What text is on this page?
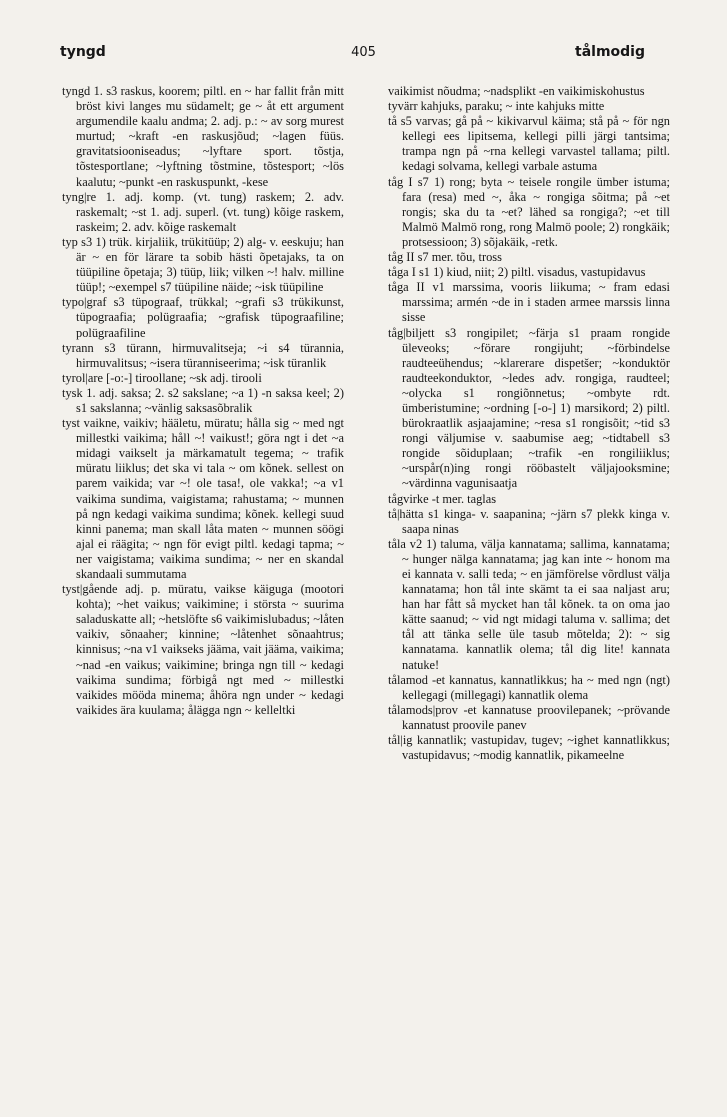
tyngd	405	tålmodig

tyngd 1. s3 raskus, koorem; piltl. en ~ har fallit från mitt bröst kivi langes mu südamelt; ge ~ åt ett argument argumendile kaalu andma; 2. adj. p.: ~ av sorg murest murtud; ~kraft -en raskusjõud; ~lagen füüs. gravitatsiooniseadus; ~lyftare sport. tõstja, tõstesportlane; ~lyftning tõstmine, tõstesport; ~lös kaalutu; ~punkt -en raskuspunkt, -kese

tyng|re 1. adj. komp. (vt. tung) raskem; 2. adv. raskemalt; ~st 1. adj. superl. (vt. tung) kõige raskem, raskeim; 2. adv. kõige raskemalt

typ s3 1) trük. kirjaliik, trükitüüp; 2) alg- v. eeskuju; han är ~ en för lärare ta sobib hästi õpetajaks, ta on tüüpiline õpetaja; 3) tüüp, liik; vilken ~! halv. milline tüüp!; ~exempel s7 tüüpiline näide; ~isk tüüpiline

typo|graf s3 tüpograaf, trükkal; ~grafi s3 trükikunst, tüpograafia; polügraafia; ~grafisk tüpograafiline; polügraafiline

tyrann s3 türann, hirmuvalitseja; ~i s4 türannia, hirmuvalitsus; ~isera türanniseerima; ~isk türanlik

tyrol|are [-o:-] tiroollane; ~sk adj. tirooli

tysk 1. adj. saksa; 2. s2 sakslane; ~a 1) -n saksa keel; 2) s1 sakslanna; ~vänlig saksasõbralik

tyst vaikne, vaikiv; hääletu, müratu; hålla sig ~ med ngt millestki vaikima; håll ~! vaikust!; göra ngt i det ~a midagi vaikselt ja märkamatult tegema; ~ trafik müratu liiklus; det ska vi tala ~ om kõnek. sellest on parem vaikida; var ~! ole tasa!, ole vakka!; ~a v1 vaikima sundima, vaigistama; rahustama; ~ munnen på ngn kedagi vaikima sundima; kõnek. kellegi suud kinni panema; man skall låta maten ~ munnen söögi ajal ei räägita; ~ ngn för evigt piltl. kedagi tapma; ~ ner vaigistama; vaikima sundima; ~ ner en skandal skandaali summutama

tyst|gående adj. p. müratu, vaikse käiguga (mootori kohta); ~het vaikus; vaikimine; i största ~ suurima saladuskatte all; ~hetslöfte s6 vaikimislubadus; ~låten vaikiv, sõnaaher; kinnine; ~låtenhet sõnaahtrus; kinnisus; ~na v1 vaikseks jääma, vait jääma, vaikima; ~nad -en vaikus; vaikimine; bringa ngn till ~ kedagi vaikima sundima; förbigå ngt med ~ millestki vaikides mööda minema; åhöra ngn under ~ kedagi vaikides ära kuulama; åläggа ngn ~ kelleltki

vaikimist nõudma; ~nadsplikt -en vaikimiskohustus

tyvärr kahjuks, paraku; ~ inte kahjuks mitte

tå s5 varvas; gå på ~ kikivarvul käima; stå på ~ för ngn kellegi ees lipitsema, kellegi pilli järgi tantsima; trampa ngn på ~rna kellegi varvastel tallama; piltl. kedagi solvama, kellegi varbale astuma

tåg I s7 1) rong; byta ~ teisele rongile ümber istuma; fara (resa) med ~, åka ~ rongiga sõitma; på ~et rongis; ska du ta ~et? lähed sa rongiga?; ~et till Malmö Malmö rong, rong Malmö poole; 2) rongkäik; protsessioon; 3) sõjakäik, -retk.

tåg II s7 mer. tõu, tross

tåga I s1 1) kiud, niit; 2) piltl. visadus, vastupidavus

tåga II v1 marssima, vooris liikuma; ~ fram edasi marssima; armén ~de in i staden armee marssis linna sisse

tåg|biljett s3 rongipilet; ~färja s1 praam rongide üleveoks; ~förare rongijuht; ~förbindelse raudteeühendus; ~klarerare dispetšer; ~konduktör raudteekonduktor, ~ledes adv. rongiga, raudteel; ~olycka s1 rongiõnnetus; ~ombyte rdt. ümberistumine; ~ordning [-o-] 1) marsikord; 2) piltl. bürokraatlik asjaajamine; ~resa s1 rongisõit; ~tid s3 rongi väljumise v. saabumise aeg; ~tidtabell s3 rongide sõiduplaan; ~trafik -en rongiliiklus; ~urspår(n)ing rongi rööbastelt väljajooksmine; ~värdinna vagunisaatja

tågvirke -t mer. taglas

tå|hätta s1 kinga- v. saapanina; ~järn s7 plekk kinga v. saapa ninas

tåla v2 1) taluma, välja kannatama; sallima, kannatama; ~ hunger nälga kannatama; jag kan inte ~ honom ma ei kannata v. salli teda; ~ en jämförelse võrdlust välja kannatama; hon tål inte skämt ta ei saa naljast aru; han har fått så mycket han tål kõnek. ta on oma jao kätte saanud; ~ vid ngt midagi taluma v. sallima; det tål att tänka selle üle tasub mõtelda; 2): ~ sig kannatama. kannatlik olema; tål dig lite! kannata natuke!

tålamod -et kannatus, kannatlikkus; ha ~ med ngn (ngt) kellegagi (millegagi) kannatlik olema

tålamods|prov -et kannatuse proovilepanek; ~prövande kannatust proovile panev

tål|ig kannatlik; vastupidav, tugev; ~ighet kannatlikkus; vastupidavus; ~modig kannatlik, pikameelne
